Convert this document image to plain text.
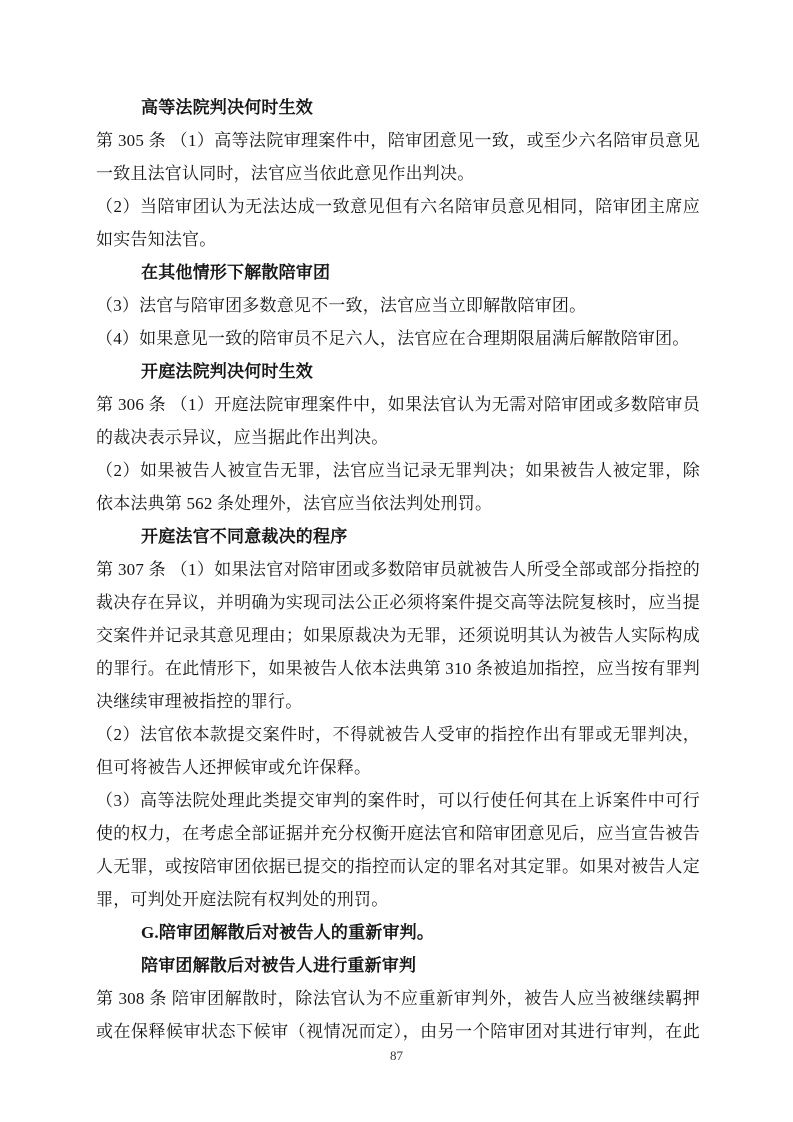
高等法院判决何时生效
第 305 条 （1）高等法院审理案件中，陪审团意见一致，或至少六名陪审员意见
一致且法官认同时，法官应当依此意见作出判决。
（2）当陪审团认为无法达成一致意见但有六名陪审员意见相同，陪审团主席应
如实告知法官。
在其他情形下解散陪审团
（3）法官与陪审团多数意见不一致，法官应当立即解散陪审团。
（4）如果意见一致的陪审员不足六人，法官应在合理期限届满后解散陪审团。
开庭法院判决何时生效
第 306 条 （1）开庭法院审理案件中，如果法官认为无需对陪审团或多数陪审员
的裁决表示异议，应当据此作出判决。
（2）如果被告人被宣告无罪，法官应当记录无罪判决；如果被告人被定罪，除
依本法典第 562 条处理外，法官应当依法判处刑罚。
开庭法官不同意裁决的程序
第 307 条 （1）如果法官对陪审团或多数陪审员就被告人所受全部或部分指控的
裁决存在异议，并明确为实现司法公正必须将案件提交高等法院复核时，应当提
交案件并记录其意见理由；如果原裁决为无罪，还须说明其认为被告人实际构成
的罪行。在此情形下，如果被告人依本法典第 310 条被追加指控，应当按有罪判
决继续审理被指控的罪行。
（2）法官依本款提交案件时，不得就被告人受审的指控作出有罪或无罪判决，
但可将被告人还押候审或允许保释。
（3）高等法院处理此类提交审判的案件时，可以行使任何其在上诉案件中可行
使的权力，在考虑全部证据并充分权衡开庭法官和陪审团意见后，应当宣告被告
人无罪，或按陪审团依据已提交的指控而认定的罪名对其定罪。如果对被告人定
罪，可判处开庭法院有权判处的刑罚。
G.陪审团解散后对被告人的重新审判。
陪审团解散后对被告人进行重新审判
第 308 条 陪审团解散时，除法官认为不应重新审判外，被告人应当被继续羁押
或在保释候审状态下候审（视情况而定），由另一个陪审团对其进行审判，在此
87
